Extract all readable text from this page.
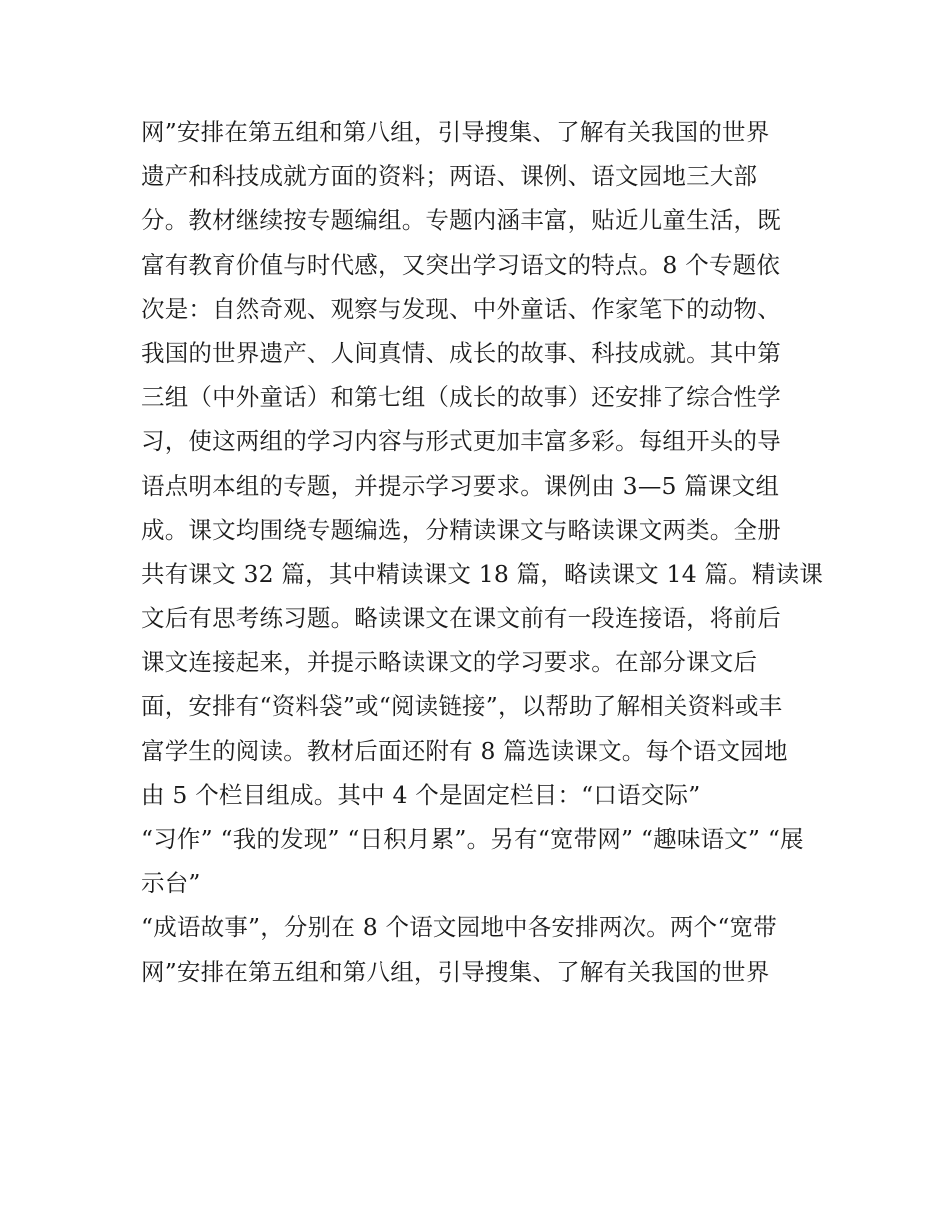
网”安排在第五组和第八组，引导搜集、了解有关我国的世界
遗产和科技成就方面的资料；两语、课例、语文园地三大部
分。教材继续按专题编组。专题内涵丰富，贴近儿童生活，既
富有教育价值与时代感，又突出学习语文的特点。8 个专题依
次是：自然奇观、观察与发现、中外童话、作家笔下的动物、
我国的世界遗产、人间真情、成长的故事、科技成就。其中第
三组（中外童话）和第七组（成长的故事）还安排了综合性学
习，使这两组的学习内容与形式更加丰富多彩。每组开头的导
语点明本组的专题，并提示学习要求。课例由 3—5 篇课文组
成。课文均围绕专题编选，分精读课文与略读课文两类。全册
共有课文 32 篇，其中精读课文 18 篇，略读课文 14 篇。精读课
文后有思考练习题。略读课文在课文前有一段连接语，将前后
课文连接起来，并提示略读课文的学习要求。在部分课文后
面，安排有“资料袋”或“阅读链接”，以帮助了解相关资料或丰
富学生的阅读。教材后面还附有 8 篇选读课文。每个语文园地
由 5 个栏目组成。其中 4 个是固定栏目：“口语交际”
“习作” “我的发现” “日积月累”。另有“宽带网” “趣味语文” “展
示台”
“成语故事”，分别在 8 个语文园地中各安排两次。两个“宽带
网”安排在第五组和第八组，引导搜集、了解有关我国的世界
